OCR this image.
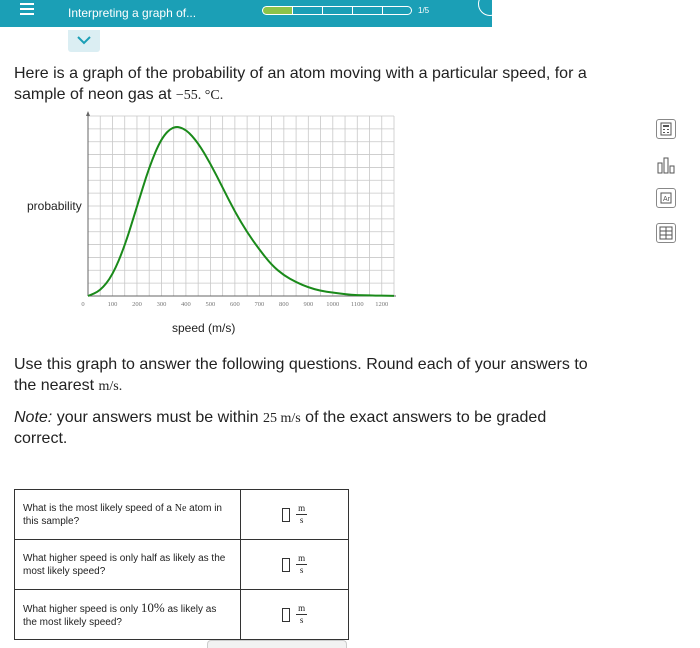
Interpreting a graph of...	1/5
Here is a graph of the probability of an atom moving with a particular speed, for a
sample of neon gas at −55. °C.
0	100 200 300 400 500 600 700 800 900 1000 1100 1200
probability
speed (m/s)
Ar
Use this graph to answer the following questions. Round each of your answers to
the nearest m/s.
Note: your answers must be within 25 m/s of the exact answers to be graded
correct.
What is the most likely speed of a Ne atom in
this sample?	$\frac{m}{s}$

What higher speed is only half as likely as the
most likely speed?	$\frac{m}{s}$

What higher speed is only 10% as likely as
the most likely speed?	$\frac{m}{s}$
